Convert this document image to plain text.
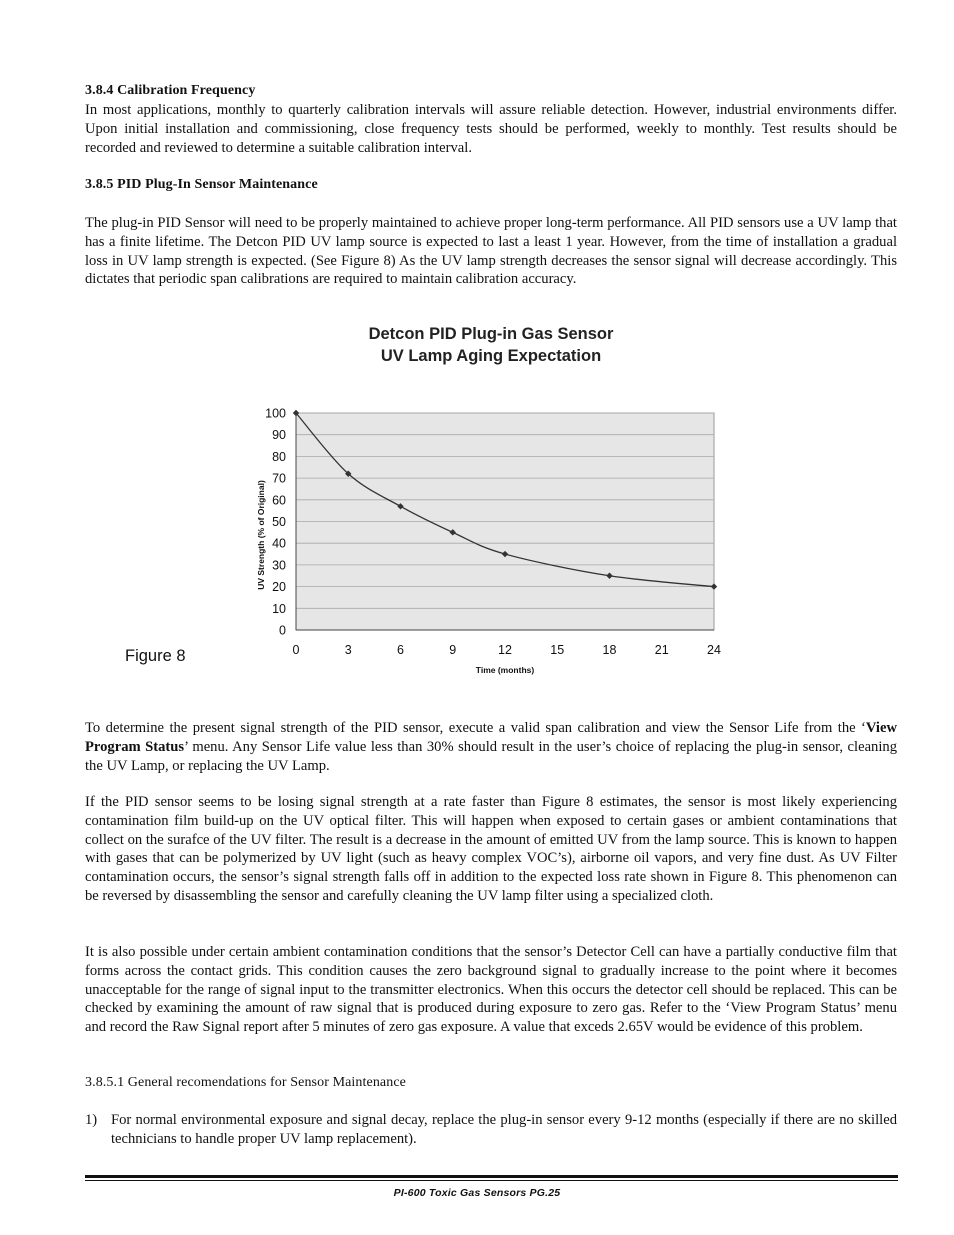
3.8.4 Calibration Frequency

In most applications, monthly to quarterly calibration intervals will assure reliable detection. However, industrial environments differ. Upon initial installation and commissioning, close frequency tests should be performed, weekly to monthly. Test results should be recorded and reviewed to determine a suitable calibration interval.

3.8.5 PID Plug-In Sensor Maintenance

The plug-in PID Sensor will need to be properly maintained to achieve proper long-term performance. All PID sensors use a UV lamp that has a finite lifetime. The Detcon PID UV lamp source is expected to last a least 1 year. However, from the time of installation a gradual loss in UV lamp strength is expected. (See Figure 8) As the UV lamp strength decreases the sensor signal will decrease accordingly. This dictates that periodic span calibrations are required to maintain calibration accuracy.

Detcon PID Plug-in Gas Sensor
UV Lamp Aging Expectation
Figure 8

To determine the present signal strength of the PID sensor, execute a valid span calibration and view the Sensor Life from the ‘View Program Status’ menu. Any Sensor Life value less than 30% should result in the user’s choice of replacing the plug-in sensor, cleaning the UV Lamp, or replacing the UV Lamp.

If the PID sensor seems to be losing signal strength at a rate faster than Figure 8 estimates, the sensor is most likely experiencing contamination film build-up on the UV optical filter. This will happen when exposed to certain gases or ambient contaminations that collect on the surafce of the UV filter. The result is a decrease in the amount of emitted UV from the lamp source. This is known to happen with gases that can be polymerized by UV light (such as heavy complex VOC’s), airborne oil vapors, and very fine dust. As UV Filter contamination occurs, the sensor’s signal strength falls off in addition to the expected loss rate shown in Figure 8. This phenomenon can be reversed by disassembling the sensor and carefully cleaning the UV lamp filter using a specialized cloth.

It is also possible under certain ambient contamination conditions that the sensor’s Detector Cell can have a partially conductive film that forms across the contact grids. This condition causes the zero background signal to gradually increase to the point where it becomes unacceptable for the range of signal input to the transmitter electronics. When this occurs the detector cell should be replaced. This can be checked by examining the amount of raw signal that is produced during exposure to zero gas. Refer to the ‘View Program Status’ menu and record the Raw Signal report after 5 minutes of zero gas exposure. A value that exceds 2.65V would be evidence of this problem.

3.8.5.1 General recomendations for Sensor Maintenance
1) For normal environmental exposure and signal decay, replace the plug-in sensor every 9-12 months (especially if there are no skilled technicians to handle proper UV lamp replacement).
0
10
20
30
40
50
60
70
80
90
100
0	3	6	9	12	15	18	21	24
UV Strength (% of Original)
Time (months)
PI-600 Toxic Gas Sensors PG.25
